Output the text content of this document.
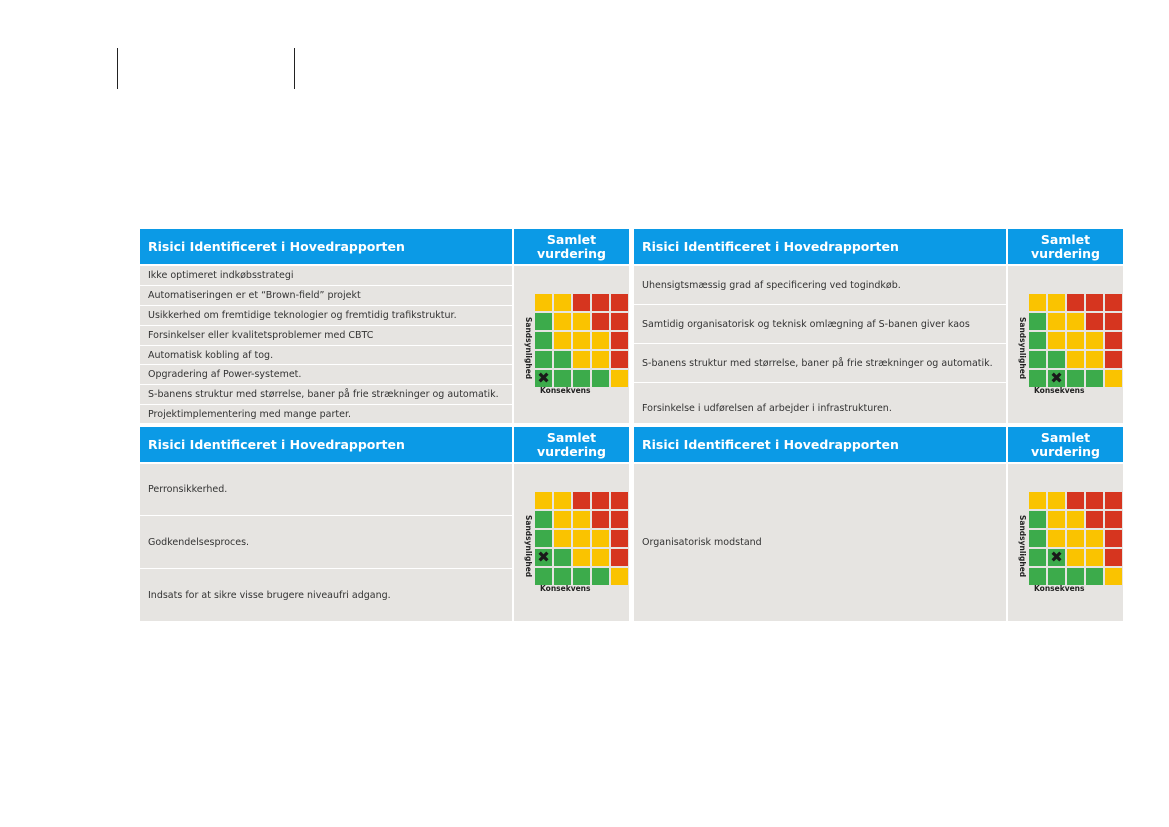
Risici Identificeret i Hovedrapporten	Samlet
vurdering
Ikke optimeret indkøbsstrategi
Automatiseringen er et “Brown-field” projekt
Usikkerhed om fremtidige teknologier og fremtidig trafikstruktur.
Forsinkelser eller kvalitetsproblemer med CBTC
Automatisk kobling af tog.
Opgradering af Power-systemet.
S-banens struktur med størrelse, baner på frie strækninger og automatik.
Projektimplementering med mange parter.
Sandsynlighed ✖
Konsekvens
Risici Identificeret i Hovedrapporten	Samlet
vurdering
Uhensigtsmæssig grad af specificering ved togindkøb.
Samtidig organisatorisk og teknisk omlægning af S-banen giver kaos
S-banens struktur med størrelse, baner på frie strækninger og automatik.
Forsinkelse i udførelsen af arbejder i infrastrukturen.
Sandsynlighed ✖
Konsekvens
Risici Identificeret i Hovedrapporten	Samlet
vurdering
Perronsikkerhed.
Godkendelsesproces.
Indsats for at sikre visse brugere niveaufri adgang.
Sandsynlighed ✖
Konsekvens
Risici Identificeret i Hovedrapporten	Samlet
vurdering
Organisatorisk modstand	Sandsynlighed ✖
Konsekvens
